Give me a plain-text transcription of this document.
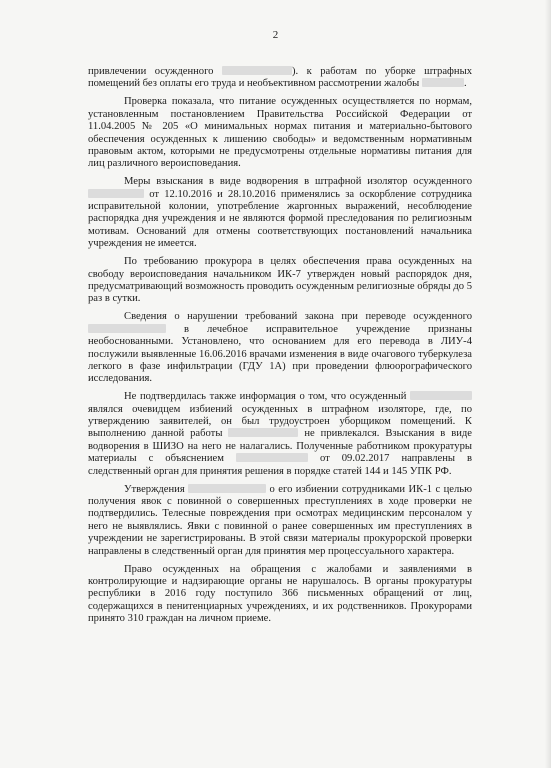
2

привлечении осужденного	). к работам по уборке штрафных помещений без оплаты его труда и необъективном рассмотрении жалобы	.

Проверка показала, что питание осужденных осуществляется по нормам, установленным постановлением Правительства Российской Федерации от 11.04.2005 № 205 «О минимальных нормах питания и материально-бытового обеспечения осужденных к лишению свободы» и ведомственным нормативным правовым актом, которыми не предусмотрены отдельные нормативы питания для лиц различного вероисповедания.

Меры взыскания в виде водворения в штрафной изолятор осужденного  от 12.10.2016 и 28.10.2016 применялись за оскорбление сотрудника исправительной колонии, употребление жаргонных выражений, несоблюдение распорядка дня учреждения и не являются формой преследования по религиозным мотивам. Оснований для отмены соответствующих постановлений начальника учреждения не имеется.

По требованию прокурора в целях обеспечения права осужденных на свободу вероисповедания начальником ИК-7 утвержден новый распорядок дня, предусматривающий возможность проводить осужденным религиозные обряды до 5 раз в сутки.

Сведения о нарушении требований закона при переводе осужденного  в лечебное исправительное учреждение признаны необоснованными. Установлено, что основанием для его перевода в ЛИУ-4 послужили выявленные 16.06.2016 врачами изменения в виде очагового туберкулеза легкого в фазе инфильтрации (ГДУ 1А) при проведении флюорографического исследования.

Не подтвердилась также информация о том, что осужденный  являлся очевидцем избиений осужденных в штрафном изоляторе, где, по утверждению заявителей, он был трудоустроен уборщиком помещений. К выполнению данной работы	не привлекался. Взыскания в виде водворения в ШИЗО на него не налагались. Полученные работником прокуратуры материалы с объяснением	от 09.02.2017 направлены в следственный орган для принятия решения в порядке статей 144 и 145 УПК РФ.

Утверждения	о его избиении сотрудниками ИК-1 с целью получения явок с повинной о совершенных преступлениях в ходе проверки не подтвердились. Телесные повреждения при осмотрах медицинским персоналом у него не выявлялись. Явки с повинной о ранее совершенных им преступлениях в учреждении не зарегистрированы. В этой связи материалы прокурорской проверки направлены в следственный орган для принятия мер процессуального характера.

Право осужденных на обращения с жалобами и заявлениями в контролирующие и надзирающие органы не нарушалось. В органы прокуратуры республики в 2016 году поступило 366 письменных обращений от лиц, содержащихся в пенитенциарных учреждениях, и их родственников. Прокурорами принято 310 граждан на личном приеме.
